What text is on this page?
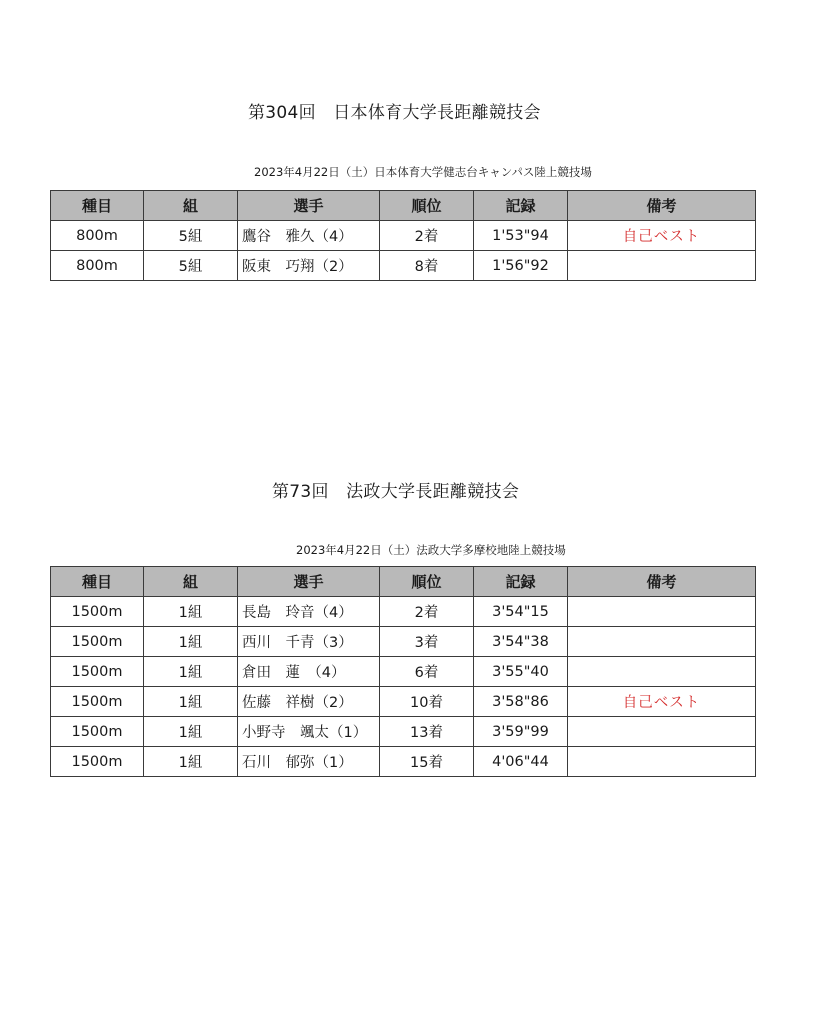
第304回　日本体育大学長距離競技会
2023年4月22日（土）日本体育大学健志台キャンパス陸上競技場
種目	組	選手	順位	記録	備考
800m	5組	鷹谷　雅久（4）	2着	1'53"94	自己ベスト
800m	5組	阪東　巧翔（2）	8着	1'56"92	
第73回　法政大学長距離競技会
2023年4月22日（土）法政大学多摩校地陸上競技場
種目	組	選手	順位	記録	備考
1500m	1組	長島　玲音（4）	2着	3'54"15	
1500m	1組	西川　千青（3）	3着	3'54"38	
1500m	1組	倉田　蓮　（4）	6着	3'55"40	
1500m	1組	佐藤　祥樹（2）	10着	3'58"86	自己ベスト
1500m	1組	小野寺　颯太（1）	13着	3'59"99	
1500m	1組	石川　郁弥（1）	15着	4'06"44	
